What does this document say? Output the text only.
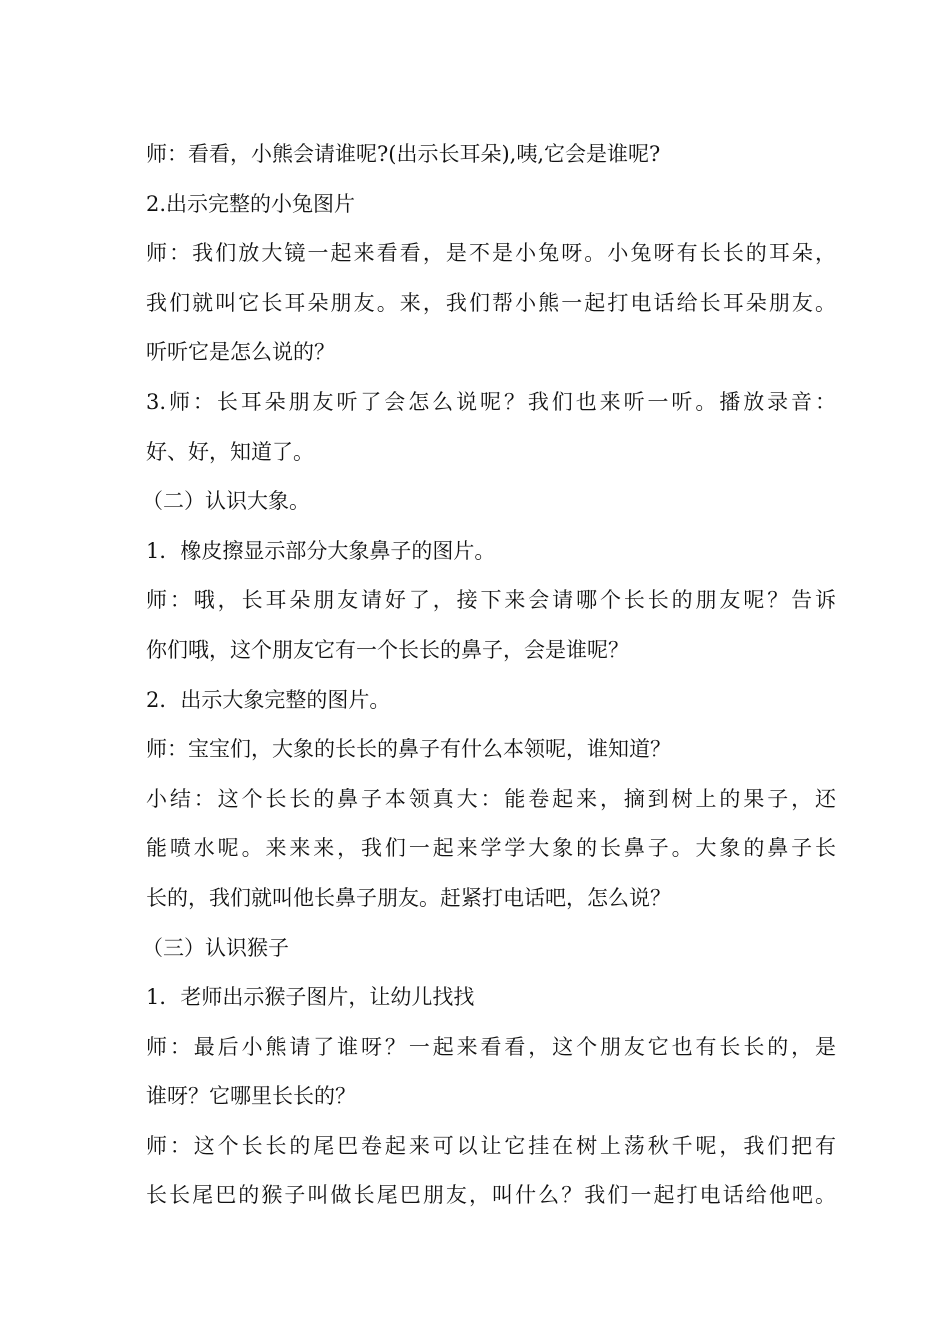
师：看看，小熊会请谁呢?(出示长耳朵),咦,它会是谁呢?
2.出示完整的小兔图片
师：我们放大镜一起来看看，是不是小兔呀。小兔呀有长长的耳朵，
我们就叫它长耳朵朋友。来，我们帮小熊一起打电话给长耳朵朋友。
听听它是怎么说的？
3.师：长耳朵朋友听了会怎么说呢？我们也来听一听。播放录音：
好、好，知道了。
（二）认识大象。
1．橡皮擦显示部分大象鼻子的图片。
师：哦，长耳朵朋友请好了，接下来会请哪个长长的朋友呢？告诉
你们哦，这个朋友它有一个长长的鼻子，会是谁呢？
2．出示大象完整的图片。
师：宝宝们，大象的长长的鼻子有什么本领呢，谁知道？
小结：这个长长的鼻子本领真大：能卷起来，摘到树上的果子，还
能喷水呢。来来来，我们一起来学学大象的长鼻子。大象的鼻子长
长的，我们就叫他长鼻子朋友。赶紧打电话吧，怎么说？
（三）认识猴子
1．老师出示猴子图片，让幼儿找找
师：最后小熊请了谁呀？一起来看看，这个朋友它也有长长的，是
谁呀？它哪里长长的？
师：这个长长的尾巴卷起来可以让它挂在树上荡秋千呢，我们把有
长长尾巴的猴子叫做长尾巴朋友，叫什么？我们一起打电话给他吧。
